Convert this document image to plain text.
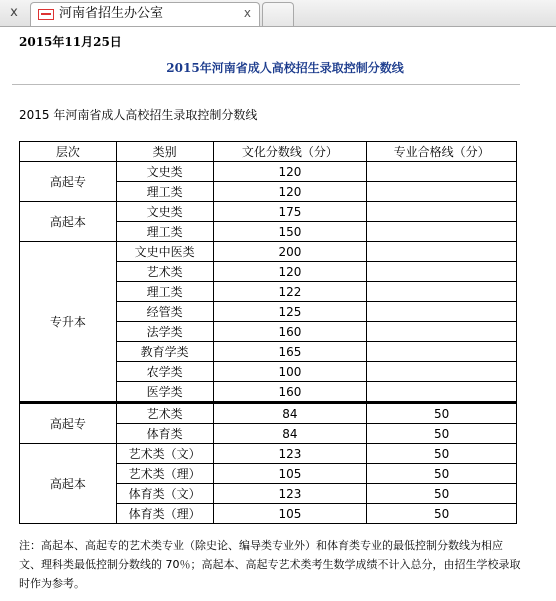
x	河南省招生办公室	x
2015年11月25日
2015年河南省成人高校招生录取控制分数线
2015 年河南省成人高校招生录取控制分数线
层次	类别	文化分数线（分）	专业合格线（分）
高起专	文史类	120	
	理工类	120	
高起本	文史类	175	
	理工类	150	
专升本	文史中医类	200	
	艺术类	120	
	理工类	122	
	经管类	125	
	法学类	160	
	教育学类	165	
	农学类	100	
	医学类	160	
高起专	艺术类	84	50
	体育类	84	50
高起本	艺术类（文）	123	50
	艺术类（理）	105	50
	体育类（文）	123	50
	体育类（理）	105	50
注：高起本、高起专的艺术类专业（除史论、编导类专业外）和体育类专业的最低控制分数线为相应文、理科类最低控制分数线的 70％；高起本、高起专艺术类考生数学成绩不计入总分，由招生学校录取时作为参考。
